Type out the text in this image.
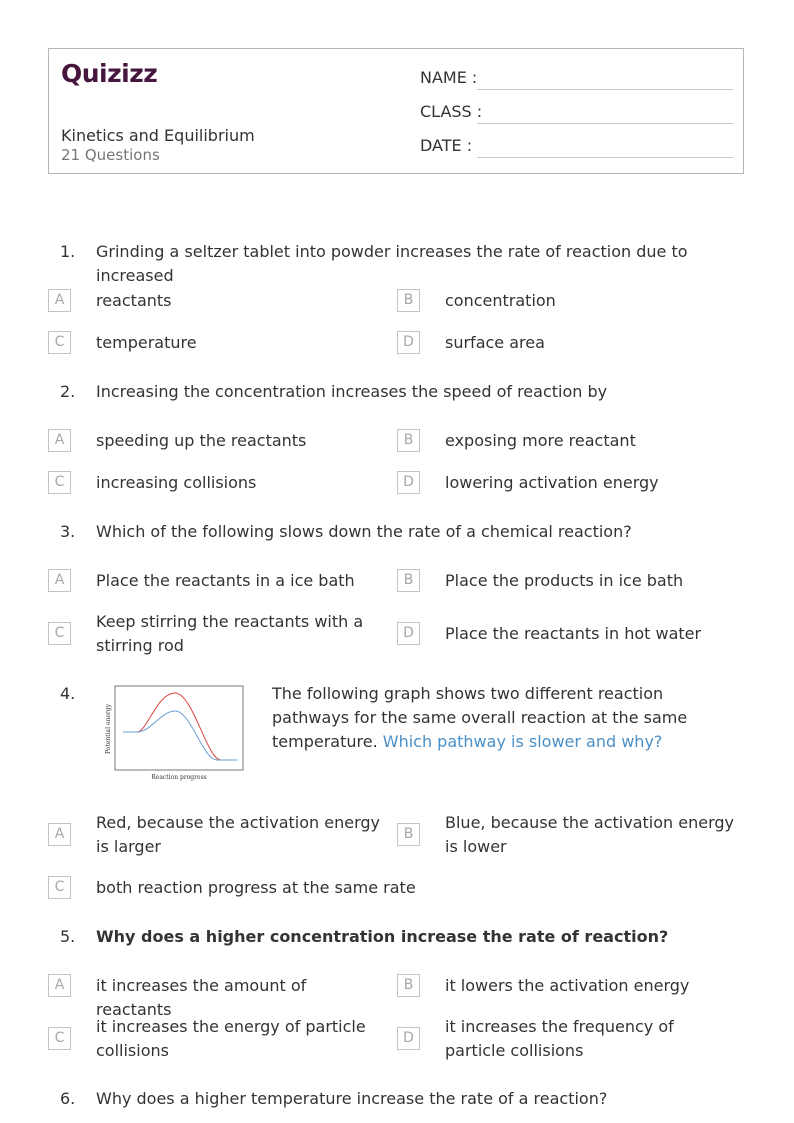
Quizizz
Kinetics and Equilibrium
21 Questions
NAME :
CLASS :
DATE :
1. Grinding a seltzer tablet into powder increases the rate of reaction due to increased
A	reactants	B	concentration
C	temperature	D	surface area
2. Increasing the concentration increases the speed of reaction by
A	speeding up the reactants	B	exposing more reactant
C	increasing collisions	D	lowering activation energy
3. Which of the following slows down the rate of a chemical reaction?
A	Place the reactants in a ice bath	B	Place the products in ice bath
C
Keep stirring the reactants with a stirring rod
D	Place the reactants in hot water
4.
Potential energy
Reaction progress
The following graph shows two different reaction pathways for the same overall reaction at the same temperature. Which pathway is slower and why?
A
Red, because the activation energy is larger
B
Blue, because the activation energy is lower
C	both reaction progress at the same rate
5. Why does a higher concentration increase the rate of reaction?
A	it increases the amount of reactants
B	it lowers the activation energy
C
it increases the energy of particle collisions
D
it increases the frequency of particle collisions
6. Why does a higher temperature increase the rate of a reaction?
